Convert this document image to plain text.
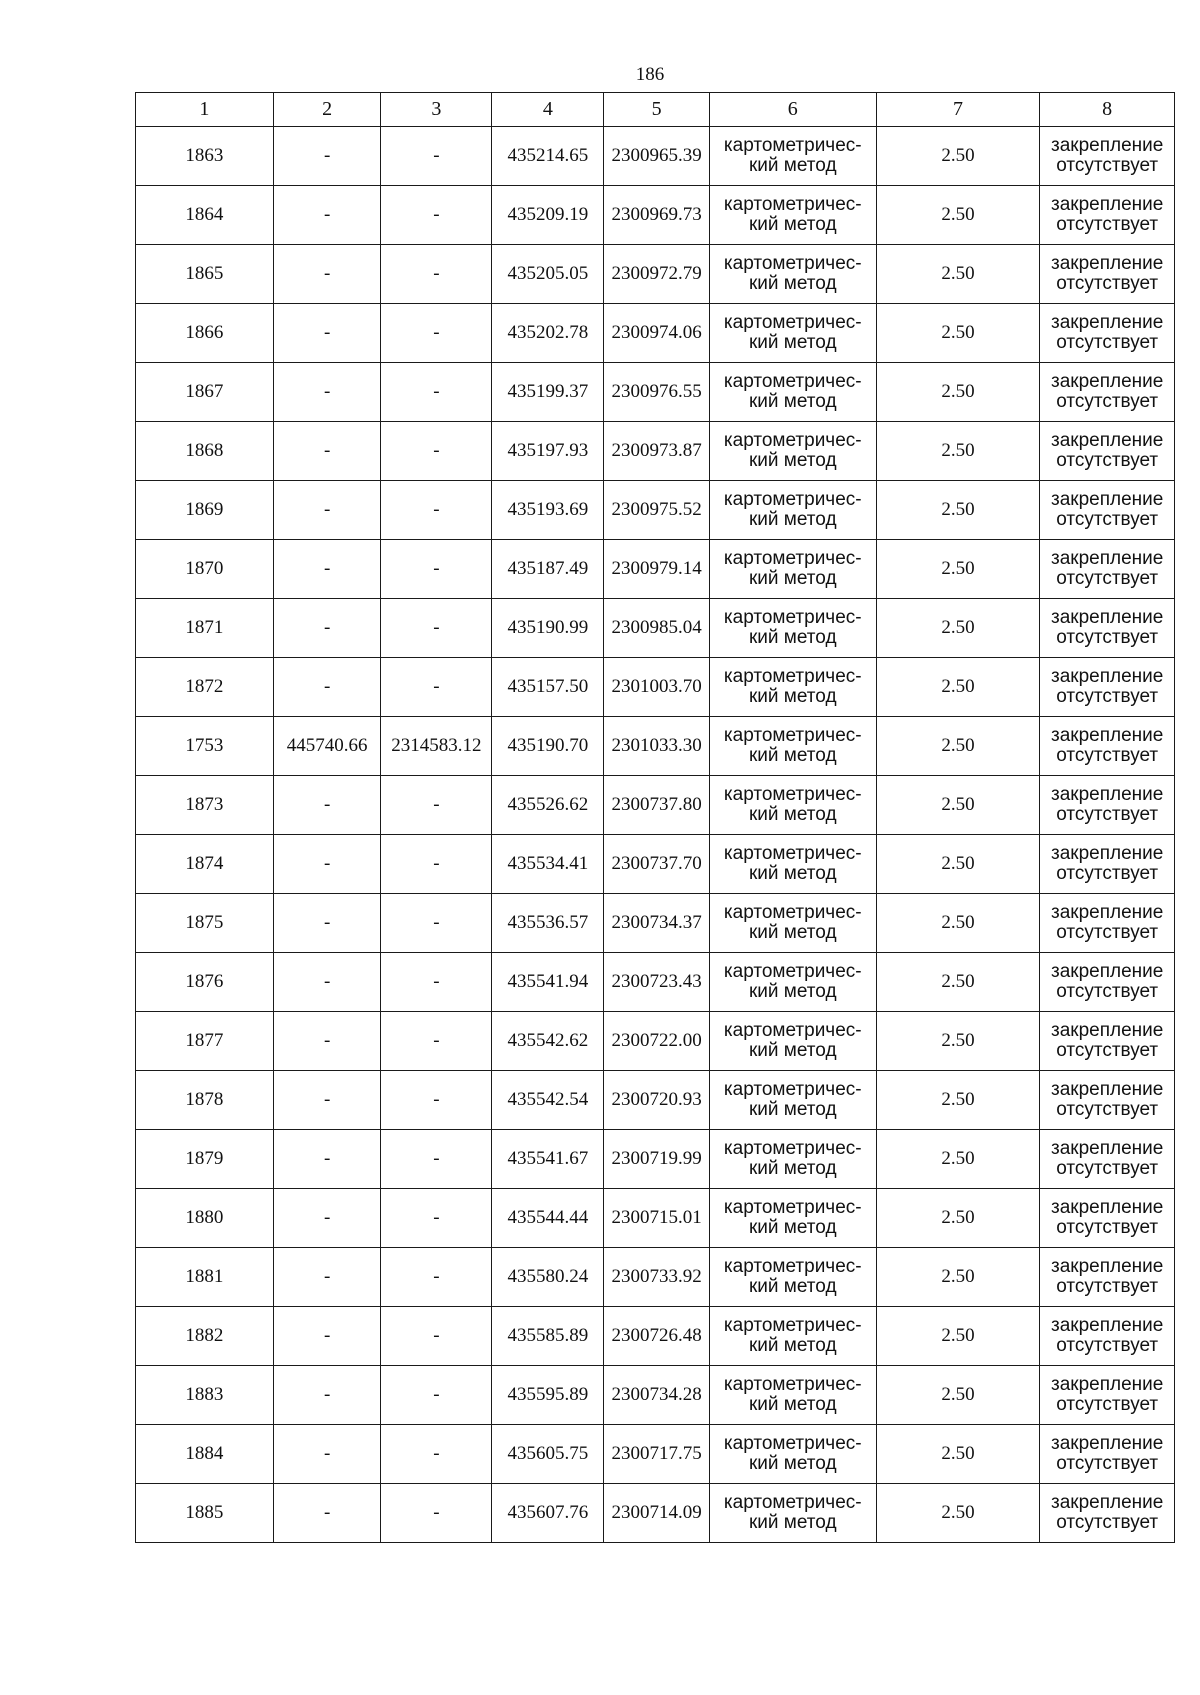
186
1	2	3	4	5	6	7	8
1863	-	-	435214.65	2300965.39	картометричес-
кий метод	2.50	закрепление
отсутствует

1864	-	-	435209.19	2300969.73	картометричес-
кий метод	2.50	закрепление
отсутствует

1865	-	-	435205.05	2300972.79	картометричес-
кий метод	2.50	закрепление
отсутствует

1866	-	-	435202.78	2300974.06	картометричес-
кий метод	2.50	закрепление
отсутствует

1867	-	-	435199.37	2300976.55	картометричес-
кий метод	2.50	закрепление
отсутствует

1868	-	-	435197.93	2300973.87	картометричес-
кий метод	2.50	закрепление
отсутствует

1869	-	-	435193.69	2300975.52	картометричес-
кий метод	2.50	закрепление
отсутствует

1870	-	-	435187.49	2300979.14	картометричес-
кий метод	2.50	закрепление
отсутствует

1871	-	-	435190.99	2300985.04	картометричес-
кий метод	2.50	закрепление
отсутствует

1872	-	-	435157.50	2301003.70	картометричес-
кий метод	2.50	закрепление
отсутствует

1753	445740.66	2314583.12	435190.70	2301033.30	картометричес-
кий метод	2.50	закрепление
отсутствует

1873	-	-	435526.62	2300737.80	картометричес-
кий метод	2.50	закрепление
отсутствует

1874	-	-	435534.41	2300737.70	картометричес-
кий метод	2.50	закрепление
отсутствует

1875	-	-	435536.57	2300734.37	картометричес-
кий метод	2.50	закрепление
отсутствует

1876	-	-	435541.94	2300723.43	картометричес-
кий метод	2.50	закрепление
отсутствует

1877	-	-	435542.62	2300722.00	картометричес-
кий метод	2.50	закрепление
отсутствует

1878	-	-	435542.54	2300720.93	картометричес-
кий метод	2.50	закрепление
отсутствует

1879	-	-	435541.67	2300719.99	картометричес-
кий метод	2.50	закрепление
отсутствует

1880	-	-	435544.44	2300715.01	картометричес-
кий метод	2.50	закрепление
отсутствует

1881	-	-	435580.24	2300733.92	картометричес-
кий метод	2.50	закрепление
отсутствует

1882	-	-	435585.89	2300726.48	картометричес-
кий метод	2.50	закрепление
отсутствует

1883	-	-	435595.89	2300734.28	картометричес-
кий метод	2.50	закрепление
отсутствует

1884	-	-	435605.75	2300717.75	картометричес-
кий метод	2.50	закрепление
отсутствует

1885	-	-	435607.76	2300714.09	картометричес-
кий метод	2.50	закрепление
отсутствует
